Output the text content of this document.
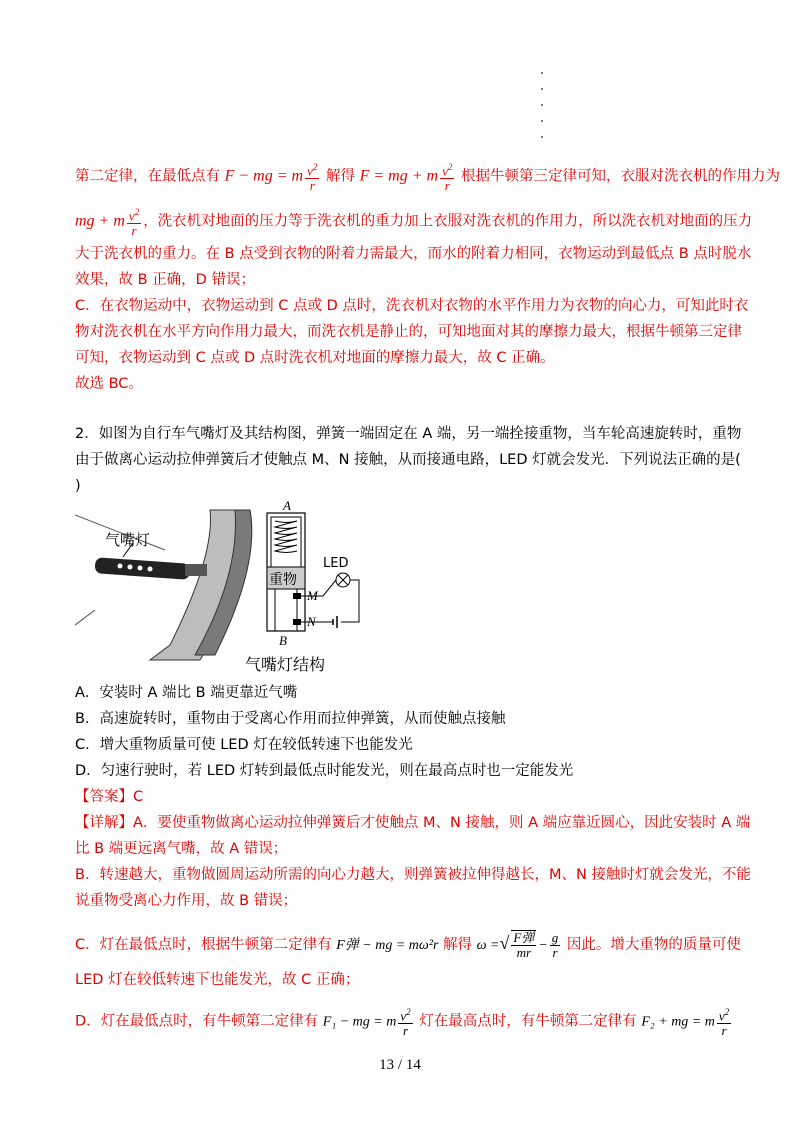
第二定律，在最低点有 F − mg = m $\frac{v^2}{r}$ 解得 F = mg + m $\frac{v^2}{r}$ 根据牛顿第三定律可知，衣服对洗衣机的作用力为
mg + m $\frac{v^2}{r}$ ，洗衣机对地面的压力等于洗衣机的重力加上衣服对洗衣机的作用力，所以洗衣机对地面的压力
大于洗衣机的重力。在 B 点受到衣物的附着力需最大，而水的附着力相同，衣物运动到最低点 B 点时脱水
效果，故 B 正确，D 错误；
C．在衣物运动中，衣物运动到 C 点或 D 点时，洗衣机对衣物的水平作用力为衣物的向心力，可知此时衣
物对洗衣机在水平方向作用力最大，而洗衣机是静止的，可知地面对其的摩擦力最大，根据牛顿第三定律
可知，衣物运动到 C 点或 D 点时洗衣机对地面的摩擦力最大，故 C 正确。
故选 BC。
2．如图为自行车气嘴灯及其结构图，弹簧一端固定在 A 端，另一端拴接重物，当车轮高速旋转时，重物
由于做离心运动拉伸弹簧后才使触点 M、N 接触，从而接通电路，LED 灯就会发光．下列说法正确的是(
)
气嘴灯
A
重物
M
N
B
LED
气嘴灯结构
A．安装时 A 端比 B 端更靠近气嘴
B．高速旋转时，重物由于受离心作用而拉伸弹簧，从而使触点接触
C．增大重物质量可使 LED 灯在较低转速下也能发光
D．匀速行驶时，若 LED 灯转到最低点时能发光，则在最高点时也一定能发光
【答案】C
【详解】A．要使重物做离心运动拉伸弹簧后才使触点 M、N 接触，则 A 端应靠近圆心，因此安装时 A 端
比 B 端更远离气嘴，故 A 错误；
B．转速越大，重物做圆周运动所需的向心力越大，则弹簧被拉伸得越长，M、N 接触时灯就会发光，不能
说重物受离心力作用，故 B 错误；
C．灯在最低点时，根据牛顿第二定律有 F弹 − mg = mω²r 解得 ω =√ $\frac{\text{F弹}}{mr} - \frac{g}{r}$ 因此。增大重物的质量可使
LED 灯在较低转速下也能发光，故 C 正确；
D．灯在最低点时，有牛顿第二定律有 F₁ − mg = m $\frac{v^2}{r}$ 灯在最高点时，有牛顿第二定律有 F₂ + mg = m $\frac{v^2}{r}$
13 / 14
